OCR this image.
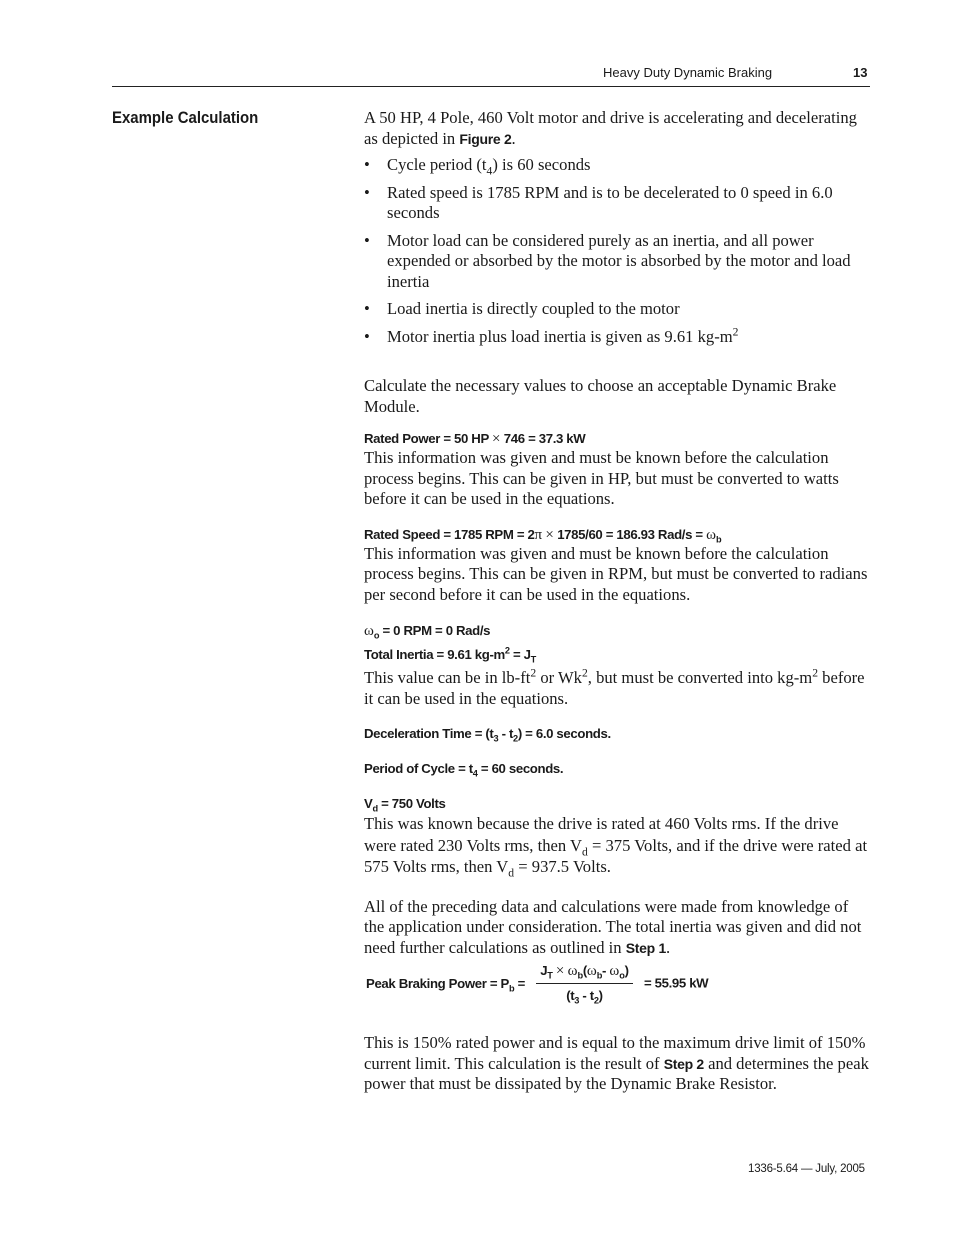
Heavy Duty Dynamic Braking	13
Example Calculation	A 50 HP, 4 Pole, 460 Volt motor and drive is accelerating and decelerating as depicted in Figure 2.

• Cycle period $(t_4)$ is 60 seconds
• Rated speed is 1785 RPM and is to be decelerated to 0 speed in 6.0 seconds
• Motor load can be considered purely as an inertia, and all power expended or absorbed by the motor is absorbed by the motor and load inertia
• Load inertia is directly coupled to the motor
• Motor inertia plus load inertia is given as 9.61 $kg-m^2$

Calculate the necessary values to choose an acceptable Dynamic Brake Module.

Rated Power = 50 HP × 746 = 37.3 kW

This information was given and must be known before the calculation process begins. This can be given in HP, but must be converted to watts before it can be used in the equations.

Rated Speed = 1785 RPM = 2π × 1785/60 = 186.93 $Rad/s = \omega_b$

This information was given and must be known before the calculation process begins. This can be given in RPM, but must be converted to radians per second before it can be used in the equations.

$\omega_o = 0$ RPM = 0 Rad/s

Total Inertia = 9.61 $kg-m^2 = J_T$

This value can be in $lb-ft^2$ or Wk$^2$, but must be converted into $kg-m^2$ before it can be used in the equations.

Deceleration Time = $(t_3 - t_2) = 6.0$ seconds.

Period of Cycle = $t_4 = 60$ seconds.

$V_d = 750$ Volts

This was known because the drive is rated at 460 Volts rms. If the drive were rated 230 Volts rms, then $V_d = 375$ Volts, and if the drive were rated at 575 Volts rms, then $V_d = 937.5$ Volts.

All of the preceding data and calculations were made from knowledge of the application under consideration. The total inertia was given and did not need further calculations as outlined in Step 1.

Peak Braking Power = $P_b = \frac{J_T \times \omega_b(\omega_b- \omega_o)}{(t_3 - t_2)} = 55.95$ kW

This is 150% rated power and is equal to the maximum drive limit of 150% current limit. This calculation is the result of Step 2 and determines the peak power that must be dissipated by the Dynamic Brake Resistor.

1336-5.64 — July, 2005
